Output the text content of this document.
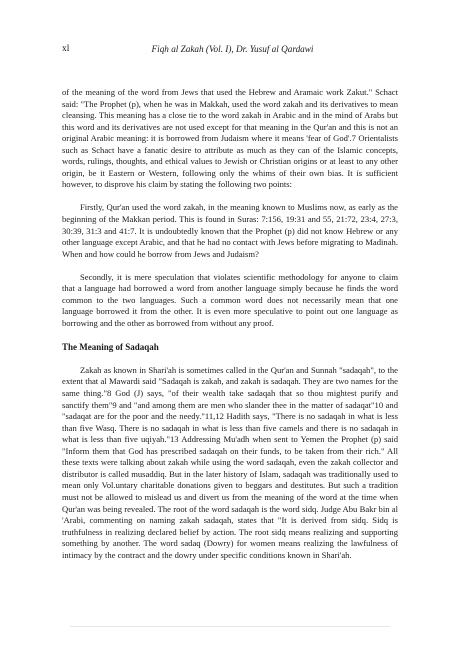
xl	Fiqh al Zakah (Vol. I), Dr. Yusuf al Qardawi

of the meaning of the word from Jews that used the Hebrew and Aramaic work Zakut." Schact said: "The Prophet (p), when he was in Makkah, used the word zakah and its derivatives to mean cleansing. This meaning has a close tie to the word zakah in Arabic and in the mind of Arabs but this word and its derivatives are not used except for that meaning in the Qur'an and this is not an original Arabic meaning: it is borrowed from Judaism where it means 'fear of God'.7 Orientalists such as Schact have a fanatic desire to attribute as much as they can of the Islamic concepts, words, rulings, thoughts, and ethical values to Jewish or Christian origins or at least to any other origin, be it Eastern or Western, following only the whims of their own bias. It is sufficient however, to disprove his claim by stating the following two points:

Firstly, Qur'an used the word zakah, in the meaning known to Muslims now, as early as the beginning of the Makkan period. This is found in Suras: 7:156, 19:31 and 55, 21:72, 23:4, 27:3, 30:39, 31:3 and 41:7. It is undoubtedly known that the Prophet (p) did not know Hebrew or any other language except Arabic, and that he had no contact with Jews before migrating to Madinah. When and how could he borrow from Jews and Judaism?

Secondly, it is mere speculation that violates scientific methodology for anyone to claim that a language had borrowed a word from another language simply because he finds the word common to the two languages. Such a common word does not necessarily mean that one language borrowed it from the other. It is even more speculative to point out one language as borrowing and the other as borrowed from without any proof.

The Meaning of Sadaqah

Zakah as known in Shari'ah is sometimes called in the Qur'an and Sunnah "sadaqah", to the extent that al Mawardi said "Sadaqah is zakah, and zakah is sadaqah. They are two names for the same thing."8 God (J) says, "of their wealth take sadaqah that so thou mightest purify and sanctify them"9 and "and among them are men who slander thee in the matter of sadaqat"10 and "sadaqat are for the poor and the needy."11,12 Hadith says, "There is no sadaqah in what is less than five Wasq. There is no sadaqah in what is less than five camels and there is no sadaqah in what is less than five uqiyah."13 Addressing Mu'adh when sent to Yemen the Prophet (p) said "Inform them that God has prescribed sadaqah on their funds, to be taken from their rich." All these texts were talking about zakah while using the word sadaqah, even the zakah collector and distributor is called musaddiq. But in the later history of Islam, sadaqah was traditionally used to mean only Vol.untary charitable donations given to beggars and destitutes. But such a tradition must not be allowed to mislead us and divert us from the meaning of the word at the time when Qur'an was being revealed. The root of the word sadaqah is the word sidq. Judge Abu Bakr bin al 'Arabi, commenting on naming zakah sadaqah, states that "It is derived from sidq. Sidq is truthfulness in realizing declared belief by action. The root sidq means realizing and supporting something by another. The word sadaq (Dowry) for women means realizing the lawfulness of intimacy by the contract and the dowry under specific conditions known in Shari'ah.
